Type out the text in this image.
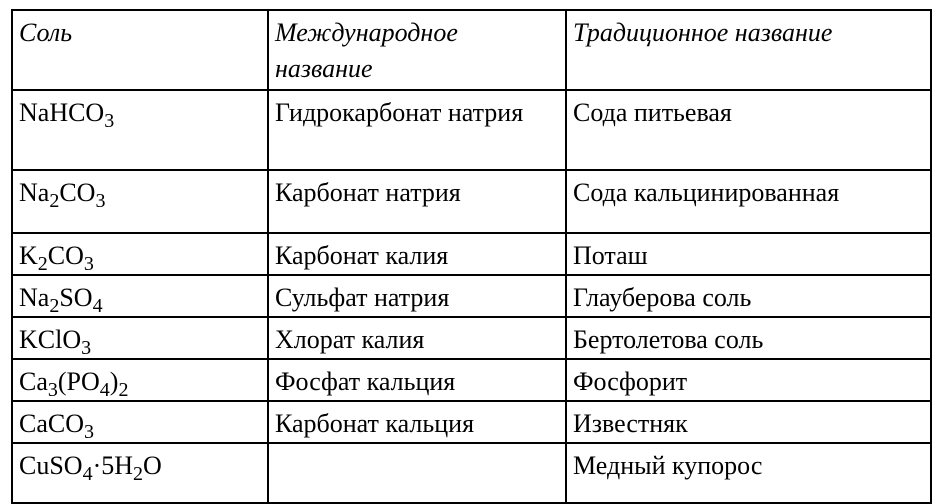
Соль	Международное название	Традиционное название
NaHCO$_3$	Гидрокарбонат натрия	Сода питьевая
$Na_2CO_3$	Карбонат натрия	Сода кальцинированная
$K_2CO_3$	Карбонат калия	Поташ
$Na_2SO_4$	Сульфат натрия	Глауберова соль
KClO$_3$	Хлорат калия	Бертолетова соль
$Ca_3(PO_4)_2$	Фосфат кальция	Фосфорит
CaCO$_3$	Карбонат кальция	Известняк
$CuSO_4\cdot 5H_2O$		Медный купорос
